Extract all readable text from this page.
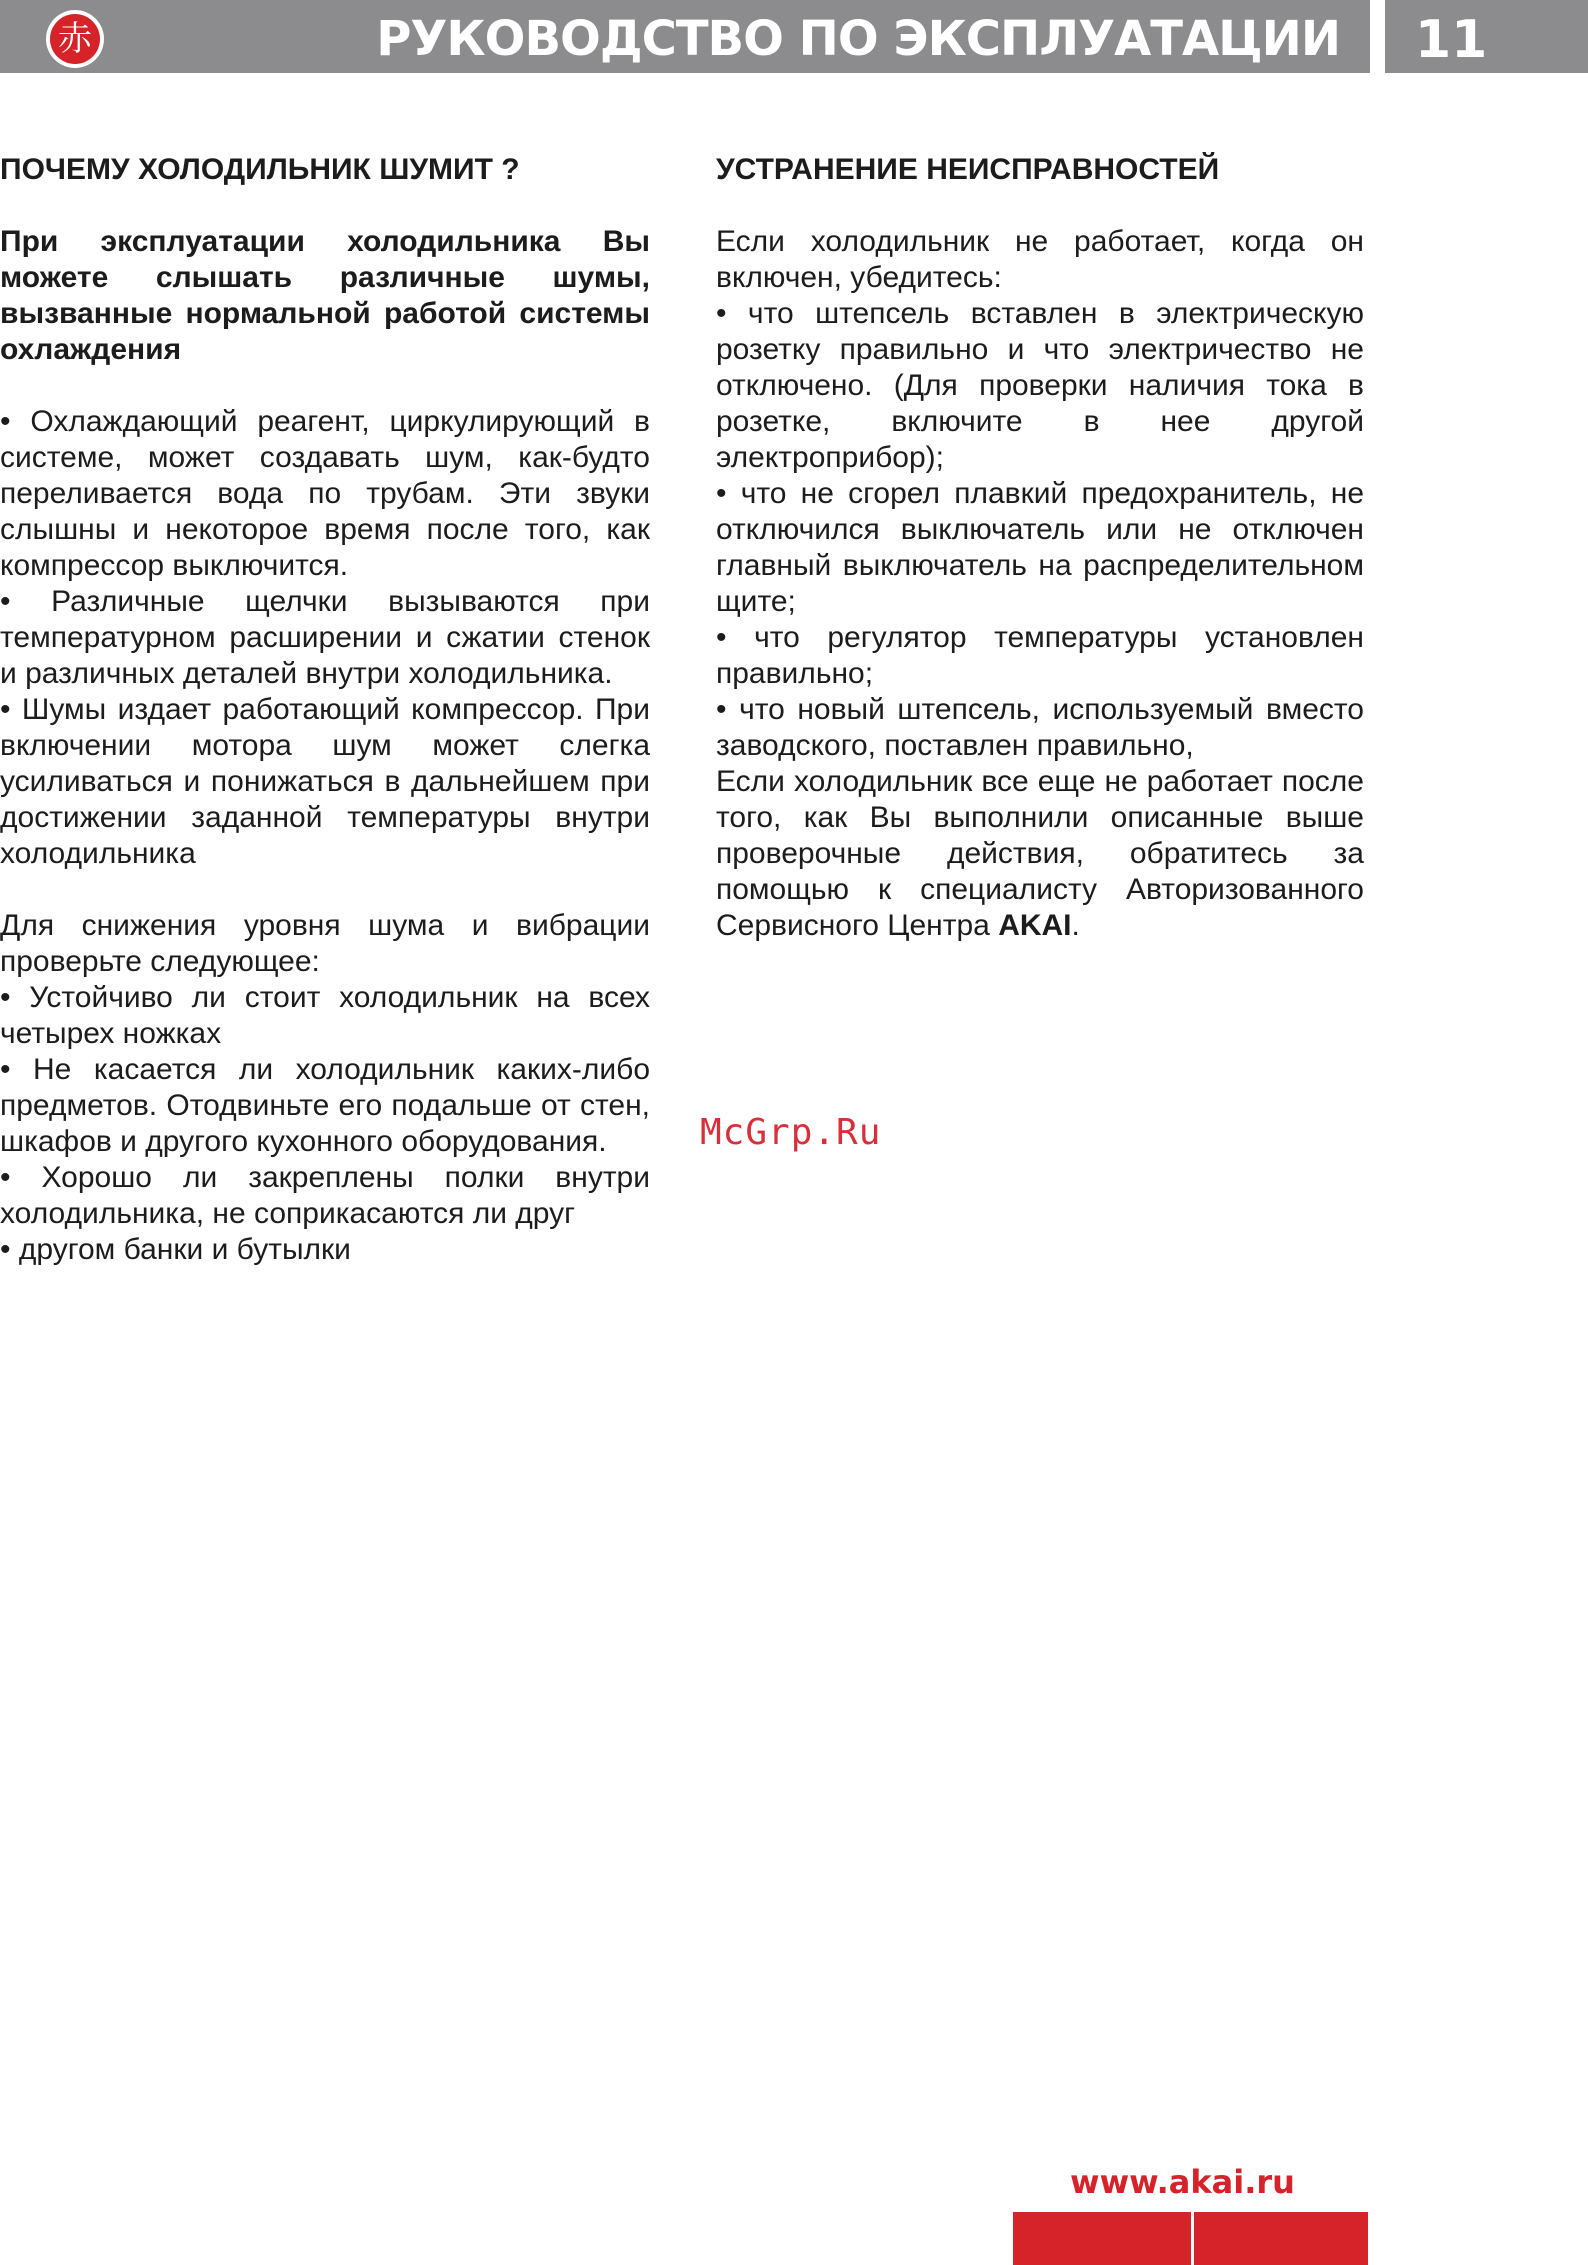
赤	РУКОВОДСТВО ПО ЭКСПЛУАТАЦИИ	11
ПОЧЕМУ ХОЛОДИЛЬНИК ШУМИТ ?

При эксплуатации холодильника Вы можете слышать различные шумы, вызванные нормальной работой системы охлаждения

• Охлаждающий реагент, циркулирующий в системе, может создавать шум, как-будто переливается вода по трубам. Эти звуки слышны и некоторое время после того, как компрессор выключится.

• Различные щелчки вызываются при температурном расширении и сжатии стенок и различных деталей внутри холодильника.

• Шумы издает работающий компрессор. При включении мотора шум может слегка усиливаться и понижаться в дальнейшем при достижении заданной температуры внутри холодильника

Для снижения уровня шума и вибрации проверьте следующее:

• Устойчиво ли стоит холодильник на всех четырех ножках

• Не касается ли холодильник каких-либо предметов. Отодвиньте его подальше от стен, шкафов и другого кухонного оборудования.

• Хорошо ли закреплены полки внутри холодильника, не соприкасаются ли друг

• другом банки и бутылки

УСТРАНЕНИЕ НЕИСПРАВНОСТЕЙ

Если холодильник не работает, когда он включен, убедитесь:

• что штепсель вставлен в электрическую розетку правильно и что электричество не отключено. (Для проверки наличия тока в розетке, включите в нее другой электроприбор);

• что не сгорел плавкий предохранитель, не отключился выключатель или не отключен главный выключатель на распределительном щите;

• что регулятор температуры установлен правильно;

• что новый штепсель, используемый вместо заводского, поставлен правильно,

Если холодильник все еще не работает после того, как Вы выполнили описанные выше проверочные действия, обратитесь за помощью к специалисту Авторизованного Сервисного Центра AKAI.

McGrp.Ru
www.akai.ru
